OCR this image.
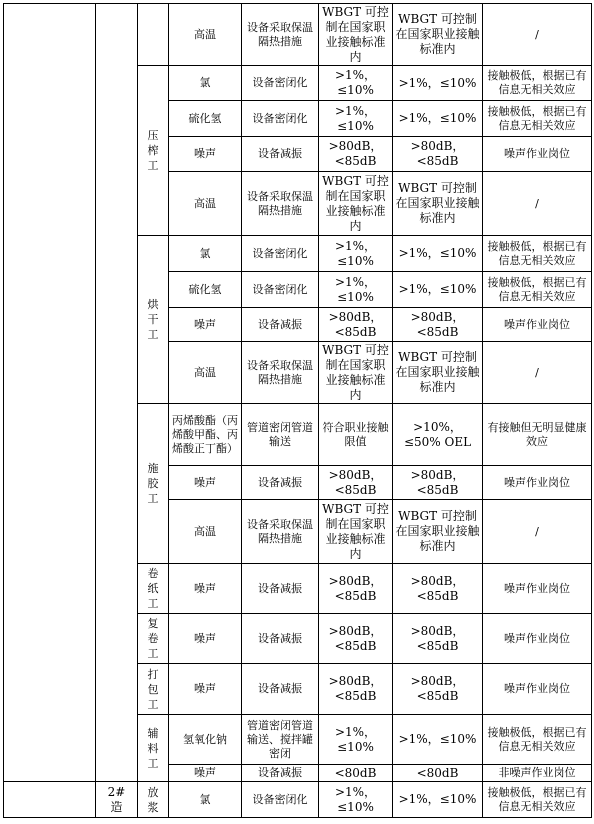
			高温	设备采取保温隔热措施	WBGT 可控制在国家职业接触标准内	WBGT 可控制在国家职业接触标准内	/
		压榨工	氯	设备密闭化	>1%，≤10%	>1%，≤10%	接触极低，根据已有信息无相关效应
			硫化氢	设备密闭化	>1%，≤10%	>1%，≤10%	接触极低，根据已有信息无相关效应
			噪声	设备减振	>80dB，<85dB	>80dB，<85dB	噪声作业岗位
			高温	设备采取保温隔热措施	WBGT 可控制在国家职业接触标准内	WBGT 可控制在国家职业接触标准内	/
		烘干工	氯	设备密闭化	>1%，≤10%	>1%，≤10%	接触极低，根据已有信息无相关效应
			硫化氢	设备密闭化	>1%，≤10%	>1%，≤10%	接触极低，根据已有信息无相关效应
			噪声	设备减振	>80dB，<85dB	>80dB，<85dB	噪声作业岗位
			高温	设备采取保温隔热措施	WBGT 可控制在国家职业接触标准内	WBGT 可控制在国家职业接触标准内	/
		施胶工	丙烯酸酯（丙烯酸甲酯、丙烯酸正丁酯）	管道密闭管道输送	符合职业接触限值	>10%，≤50% OEL	有接触但无明显健康效应
			噪声	设备减振	>80dB，<85dB	>80dB，<85dB	噪声作业岗位
			高温	设备采取保温隔热措施	WBGT 可控制在国家职业接触标准内	WBGT 可控制在国家职业接触标准内	/
		卷纸工	噪声	设备减振	>80dB，<85dB	>80dB，<85dB	噪声作业岗位
		复卷工	噪声	设备减振	>80dB，<85dB	>80dB，<85dB	噪声作业岗位
		打包工	噪声	设备减振	>80dB，<85dB	>80dB，<85dB	噪声作业岗位
		辅料工	氢氧化钠	管道密闭管道输送、搅拌罐密闭	>1%，≤10%	>1%，≤10%	接触极低，根据已有信息无相关效应
			噪声	设备减振	<80dB	<80dB	非噪声作业岗位
	2#造	放浆	氯	设备密闭化	>1%，≤10%	>1%，≤10%	接触极低，根据已有信息无相关效应
